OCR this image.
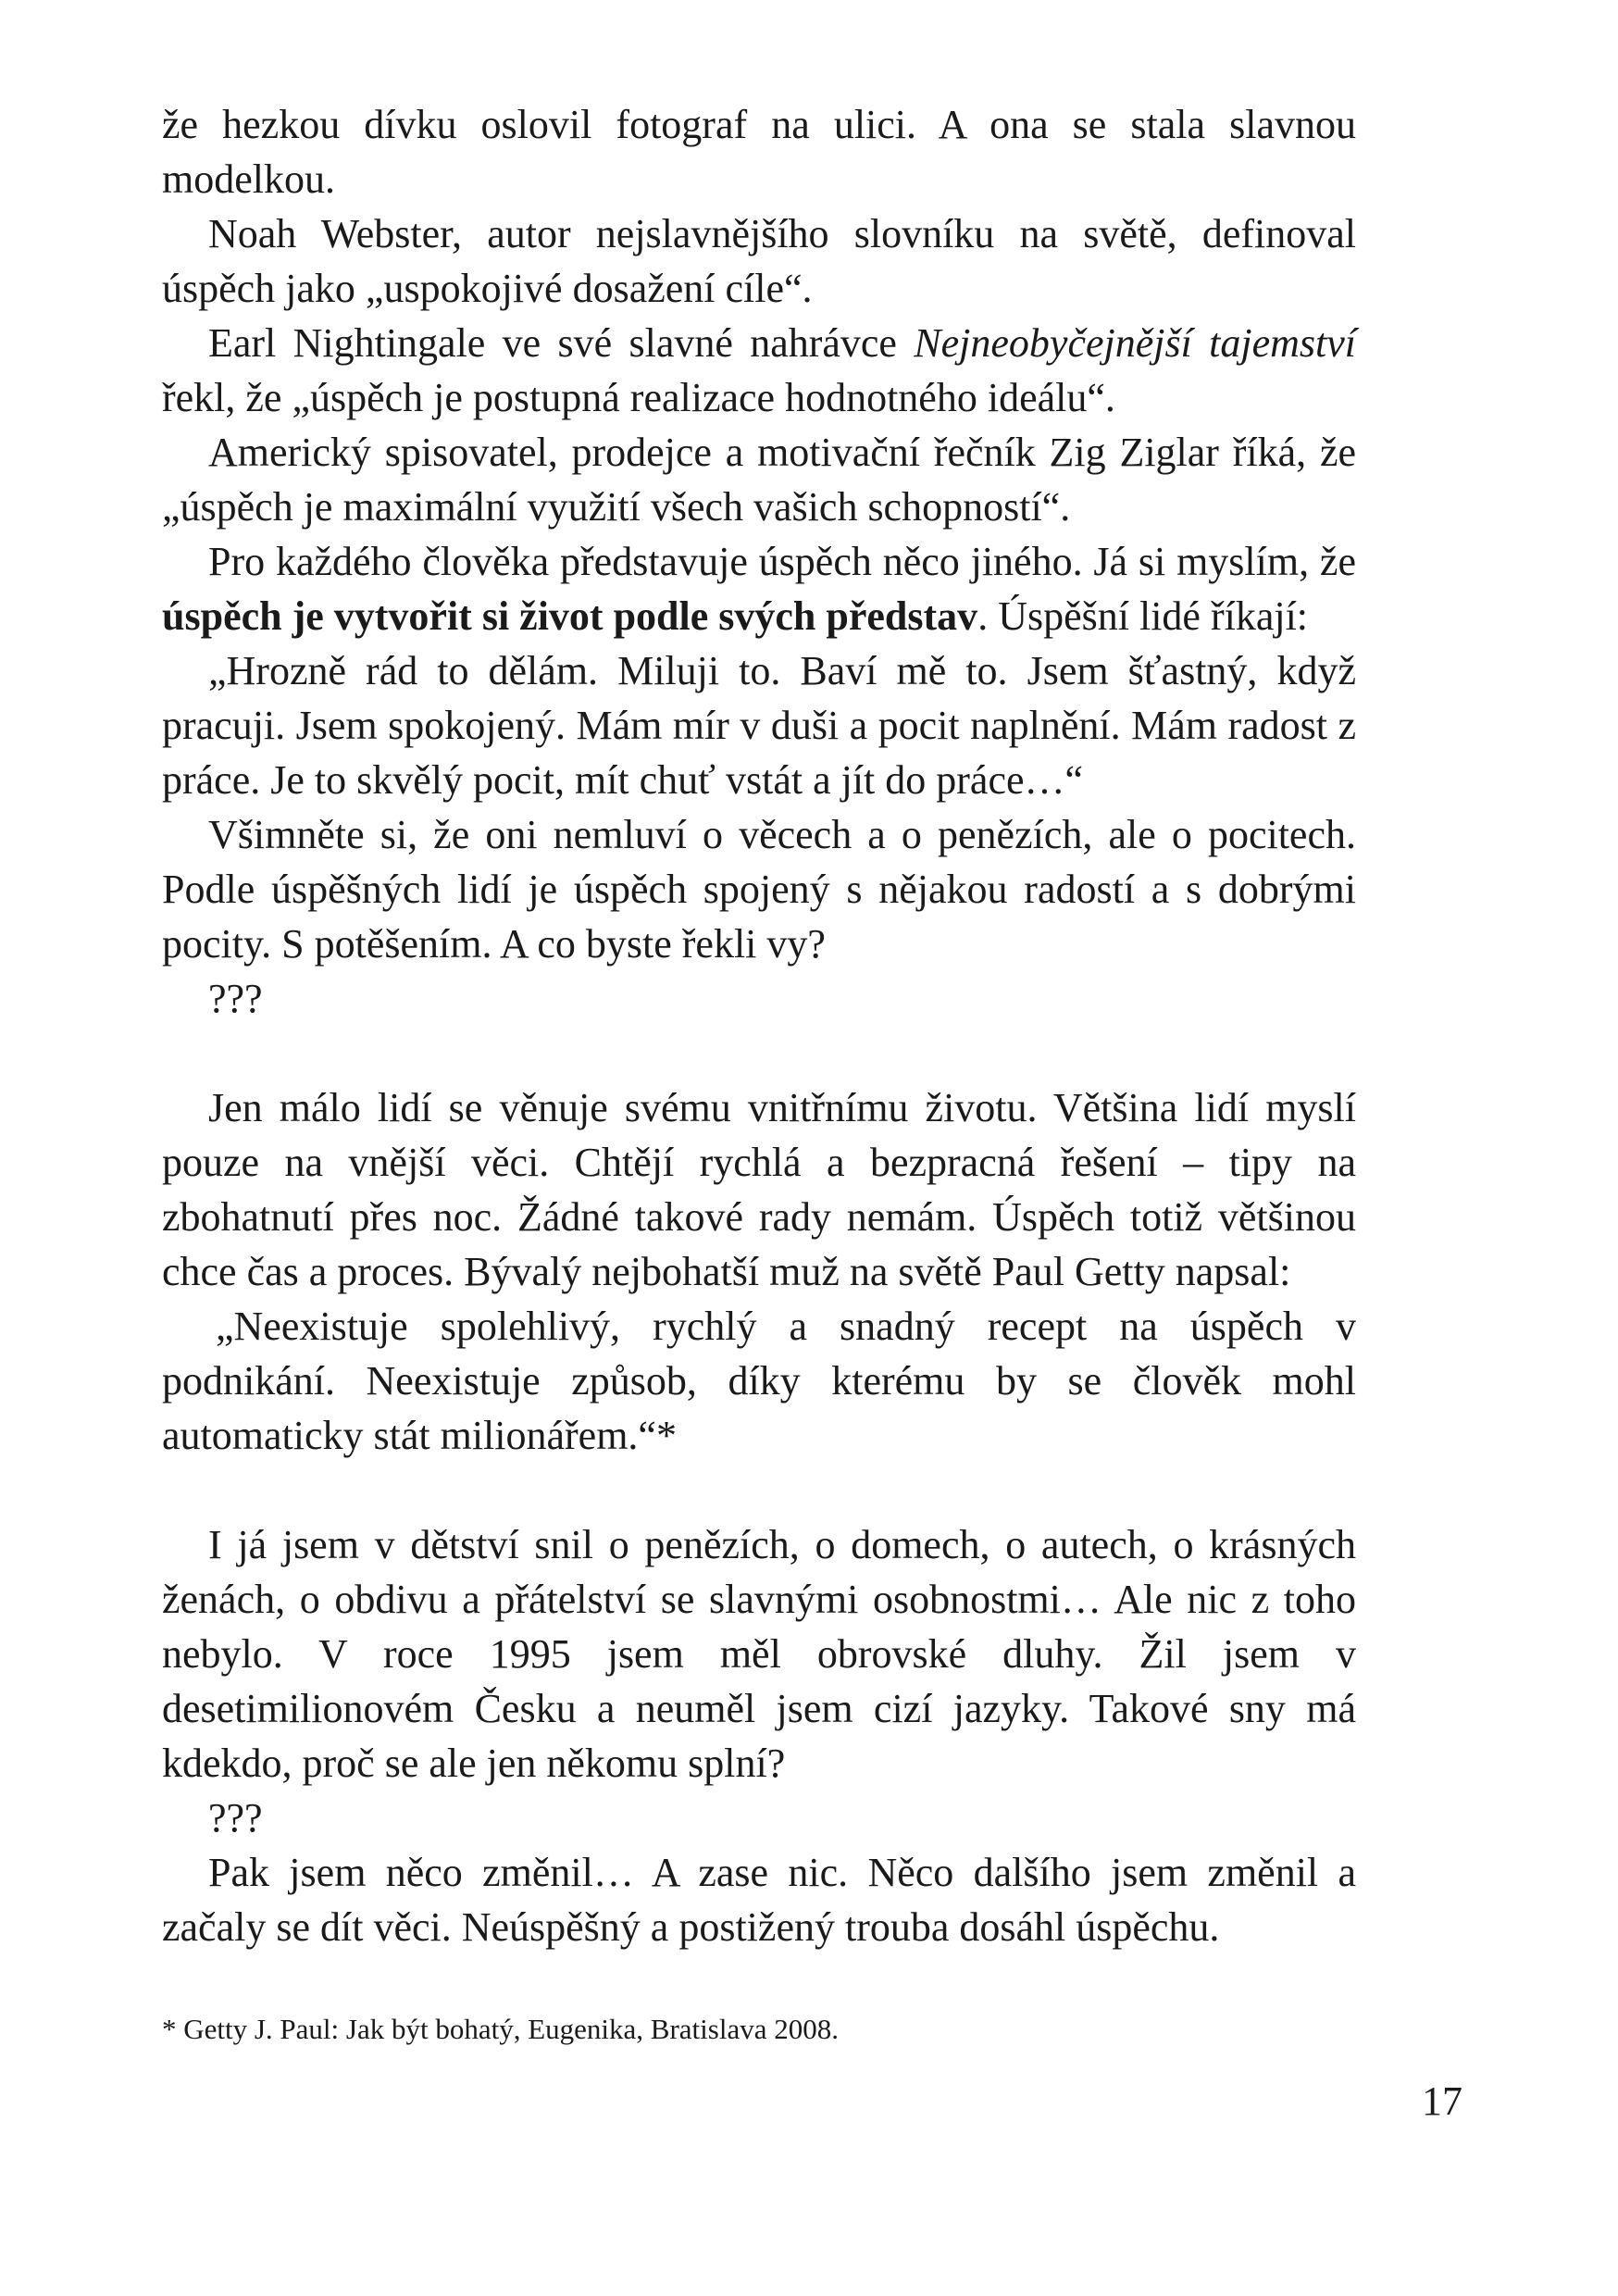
že hezkou dívku oslovil fotograf na ulici. A ona se stala slavnou modelkou.

Noah Webster, autor nejslavnějšího slovníku na světě, definoval úspěch jako „uspokojivé dosažení cíle“.

Earl Nightingale ve své slavné nahrávce Nejneobyčejnější tajemství řekl, že „úspěch je postupná realizace hodnotného ideálu“.

Americký spisovatel, prodejce a motivační řečník Zig Ziglar říká, že „úspěch je maximální využití všech vašich schopností“.

Pro každého člověka představuje úspěch něco jiného. Já si myslím, že úspěch je vytvořit si život podle svých představ. Úspěšní lidé říkají:

„Hrozně rád to dělám. Miluji to. Baví mě to. Jsem šťastný, když pracuji. Jsem spokojený. Mám mír v duši a pocit naplnění. Mám radost z práce. Je to skvělý pocit, mít chuť vstát a jít do práce…“

Všimněte si, že oni nemluví o věcech a o penězích, ale o pocitech. Podle úspěšných lidí je úspěch spojený s nějakou radostí a s dobrými pocity. S potěšením. A co byste řekli vy?

???

Jen málo lidí se věnuje svému vnitřnímu životu. Většina lidí myslí pouze na vnější věci. Chtějí rychlá a bezpracná řešení – tipy na zbohatnutí přes noc. Žádné takové rady nemám. Úspěch totiž většinou chce čas a proces. Bývalý nejbohatší muž na světě Paul Getty napsal:

„Neexistuje spolehlivý, rychlý a snadný recept na úspěch v podnikání. Neexistuje způsob, díky kterému by se člověk mohl automaticky stát milionářem.“*

I já jsem v dětství snil o penězích, o domech, o autech, o krásných ženách, o obdivu a přátelství se slavnými osobnostmi… Ale nic z toho nebylo. V roce 1995 jsem měl obrovské dluhy. Žil jsem v desetimilionovém Česku a neuměl jsem cizí jazyky. Takové sny má kdekdo, proč se ale jen někomu splní?

???

Pak jsem něco změnil… A zase nic. Něco dalšího jsem změnil a začaly se dít věci. Neúspěšný a postižený trouba dosáhl úspěchu.

* Getty J. Paul: Jak být bohatý, Eugenika, Bratislava 2008.

17
